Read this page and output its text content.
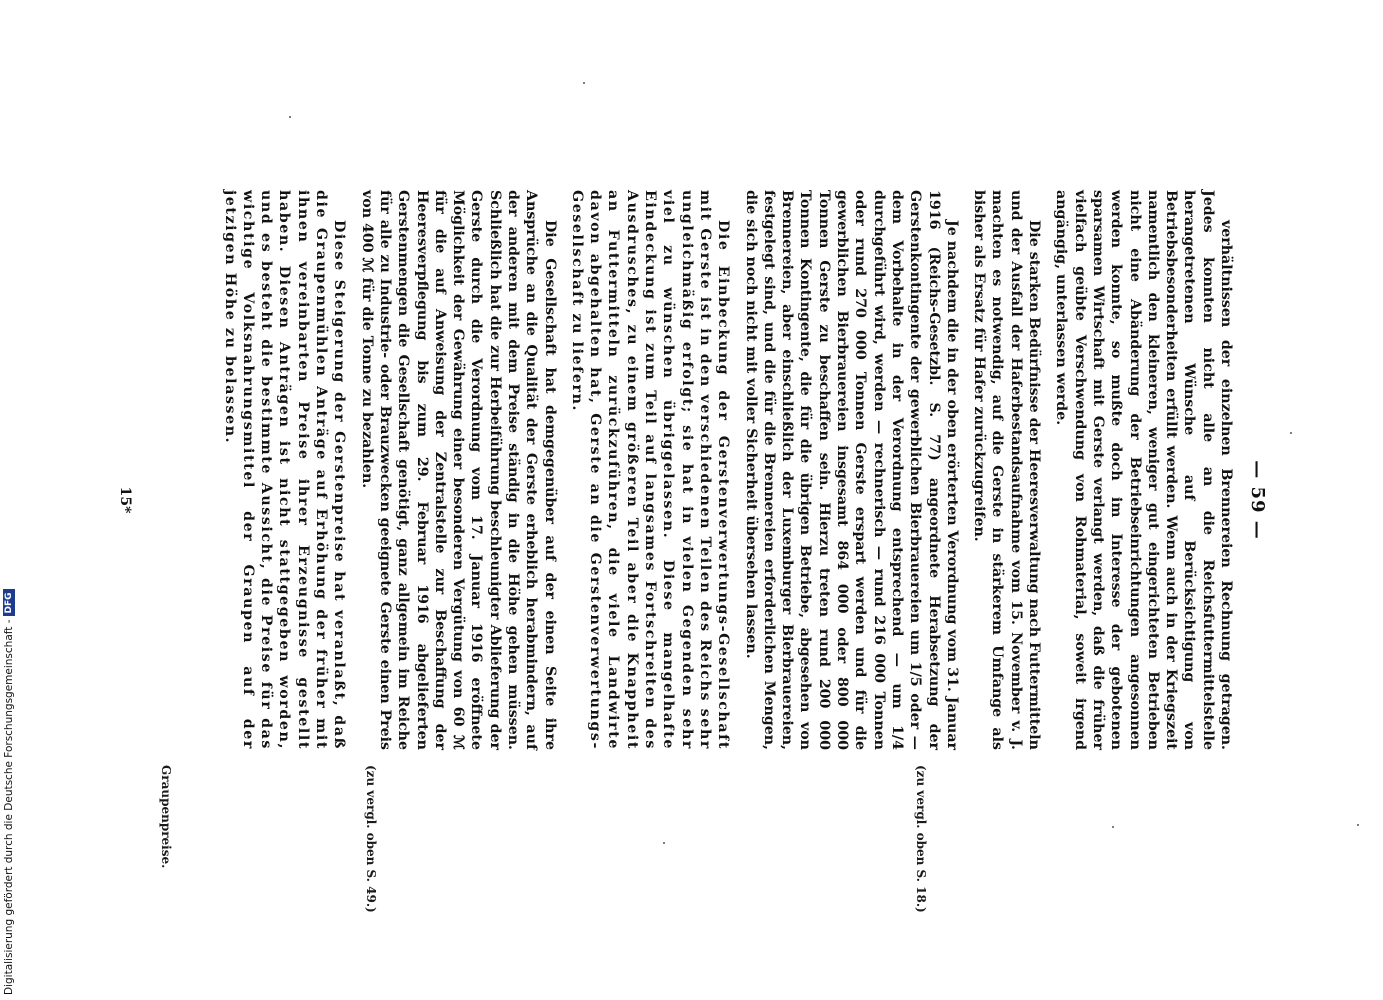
— 59 —

verhältnissen der einzelnen Brennereien Rechnung getragen. Jedes konnten nicht alle an die Reichsfuttermittelstelle herangetretenen Wünsche auf Berücksichtigung von Betriebsbesonderheiten erfüllt werden. Wenn auch in der Kriegszeit namentlich den kleineren, weniger gut eingerichteten Betrieben nicht eine Abänderung der Betriebseinrichtungen angesonnen werden konnte, so mußte doch im Interesse der gebotenen sparsamen Wirtschaft mit Gerste verlangt werden, daß die früher vielfach geübte Verschwendung von Rohmaterial, soweit irgend angängig, unterlassen werde.

Die starken Bedürfnisse der Heeresverwaltung nach Futtermitteln und der Ausfall der Haferbestandsaufnahme vom 15. November v. J. machten es notwendig, auf die Gerste in stärkerem Umfange als bisher als Ersatz für Hafer zurückzugreifen.

Je nachdem die in der oben erörterten Verordnung vom 31. Januar 1916 (Reichs-Gesetzbl. S. 77) angeordnete Herabsetzung der Gerstenkontingente der gewerblichen Bierbrauereien um 1/5 oder — dem Vorbehalte in der Verordnung entsprechend — um 1/4 durchgeführt wird, werden — rechnerisch — rund 216 000 Tonnen oder rund 270 000 Tonnen Gerste erspart werden und für die gewerblichen Bierbrauereien insgesamt 864 000 oder 800 000 Tonnen Gerste zu beschaffen sein. Hierzu treten rund 200 000 Tonnen Kontingente, die für die übrigen Betriebe, abgesehen von Brennereien, aber einschließlich der Luxemburger Bierbrauereien, festgelegt sind, und die für die Brennereien erforderlichen Mengen, die sich noch nicht mit voller Sicherheit übersehen lassen.

Die Einbeckung der Gerstenverwertungs-Gesellschaft mit Gerste ist in den verschiedenen Teilen des Reichs sehr ungleichmäßig erfolgt; sie hat in vielen Gegenden sehr viel zu wünschen übriggelassen. Diese mangelhafte Eindeckung ist zum Teil auf langsames Fortschreiten des Ausdrusches, zu einem größeren Teil aber die Knappheit an Futtermitteln zurückzuführen, die viele Landwirte davon abgehalten hat, Gerste an die Gerstenverwertungs-Gesellschaft zu liefern.

Die Gesellschaft hat demgegenüber auf der einen Seite ihre Ansprüche an die Qualität der Gerste erheblich herabmindern, auf der anderen mit dem Preise ständig in die Höhe gehen müssen. Schließlich hat die zur Herbeiführung beschleunigter Ablieferung der Gerste durch die Verordnung vom 17. Januar 1916 eröffnete Möglichkeit der Gewährung einer besonderen Vergütung von 60 ℳ für die auf Anweisung der Zentralstelle zur Beschaffung der Heeresverpflegung bis zum 29. Februar 1916 abgelieferten Gerstenmengen die Gesellschaft genötigt, ganz allgemein im Reiche für alle zu Industrie- oder Brauzwecken geeignete Gerste einen Preis von 400 ℳ für die Tonne zu bezahlen.

Diese Steigerung der Gerstenpreise hat veranlaßt, daß die Graupenmühlen Anträge auf Erhöhung der früher mit ihnen vereinbarten Preise ihrer Erzeugnisse gestellt haben. Diesen Anträgen ist nicht stattgegeben worden, und es besteht die bestimmte Aussicht, die Preise für das wichtige Volksnahrungsmittel der Graupen auf der jetzigen Höhe zu belassen.

(zu vergl. oben S. 18.)
(zu vergl. oben S. 49.)
Graupenpreise.
15*
Digitalisierung gefördert durch die Deutsche Forschungsgemeinschaft -
DFG
